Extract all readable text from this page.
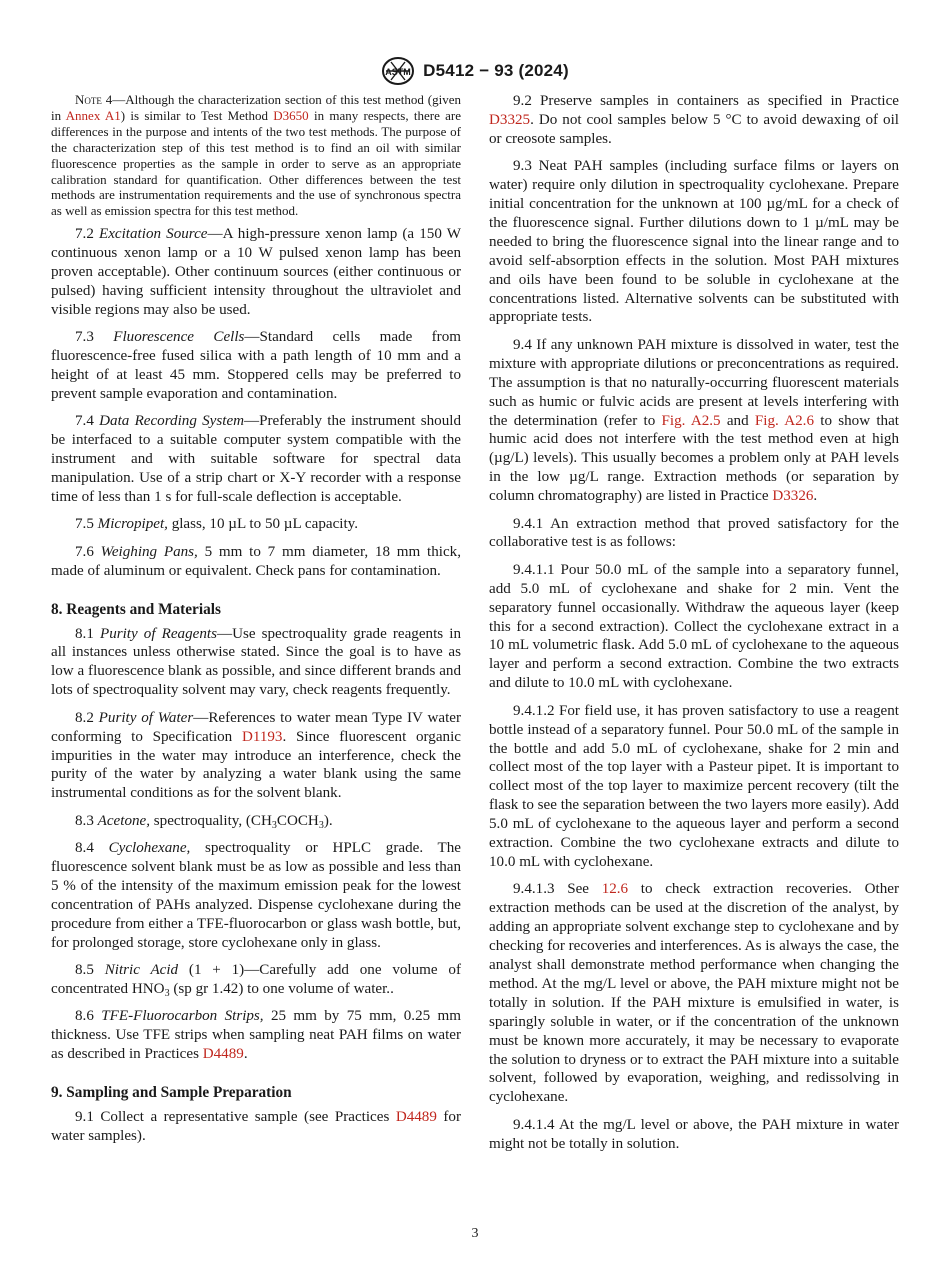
ASTM D5412 − 93 (2024)

Note 4—Although the characterization section of this test method (given in Annex A1) is similar to Test Method D3650 in many respects, there are differences in the purpose and intents of the two test methods. The purpose of the characterization step of this test method is to find an oil with similar fluorescence properties as the sample in order to serve as an appropriate calibration standard for quantification. Other differences between the test methods are instrumentation requirements and the use of synchronous spectra as well as emission spectra for this test method.

7.2 Excitation Source—A high-pressure xenon lamp (a 150 W continuous xenon lamp or a 10 W pulsed xenon lamp has been proven acceptable). Other continuum sources (either continuous or pulsed) having sufficient intensity throughout the ultraviolet and visible regions may also be used.

7.3 Fluorescence Cells—Standard cells made from fluorescence-free fused silica with a path length of 10 mm and a height of at least 45 mm. Stoppered cells may be preferred to prevent sample evaporation and contamination.

7.4 Data Recording System—Preferably the instrument should be interfaced to a suitable computer system compatible with the instrument and with suitable software for spectral data manipulation. Use of a strip chart or X-Y recorder with a response time of less than 1 s for full-scale deflection is acceptable.

7.5 Micropipet, glass, 10 µL to 50 µL capacity.

7.6 Weighing Pans, 5 mm to 7 mm diameter, 18 mm thick, made of aluminum or equivalent. Check pans for contamination.

8. Reagents and Materials

8.1 Purity of Reagents—Use spectroquality grade reagents in all instances unless otherwise stated. Since the goal is to have as low a fluorescence blank as possible, and since different brands and lots of spectroquality solvent may vary, check reagents frequently.

8.2 Purity of Water—References to water mean Type IV water conforming to Specification D1193. Since fluorescent organic impurities in the water may introduce an interference, check the purity of the water by analyzing a water blank using the same instrumental conditions as for the solvent blank.

8.3 Acetone, spectroquality, $(CH_3COCH_3)$.

8.4 Cyclohexane, spectroquality or HPLC grade. The fluorescence solvent blank must be as low as possible and less than 5 % of the intensity of the maximum emission peak for the lowest concentration of PAHs analyzed. Dispense cyclohexane during the procedure from either a TFE-fluorocarbon or glass wash bottle, but, for prolonged storage, store cyclohexane only in glass.

8.5 Nitric Acid (1 + 1)—Carefully add one volume of concentrated $HNO_3$ (sp gr 1.42) to one volume of water..

8.6 TFE-Fluorocarbon Strips, 25 mm by 75 mm, 0.25 mm thickness. Use TFE strips when sampling neat PAH films on water as described in Practices D4489.

9. Sampling and Sample Preparation

9.1 Collect a representative sample (see Practices D4489 for water samples).

9.2 Preserve samples in containers as specified in Practice D3325. Do not cool samples below 5 °C to avoid dewaxing of oil or creosote samples.

9.3 Neat PAH samples (including surface films or layers on water) require only dilution in spectroquality cyclohexane. Prepare initial concentration for the unknown at 100 µg/mL for a check of the fluorescence signal. Further dilutions down to 1 µ/mL may be needed to bring the fluorescence signal into the linear range and to avoid self-absorption effects in the solution. Most PAH mixtures and oils have been found to be soluble in cyclohexane at the concentrations listed. Alternative solvents can be substituted with appropriate tests.

9.4 If any unknown PAH mixture is dissolved in water, test the mixture with appropriate dilutions or preconcentrations as required. The assumption is that no naturally-occurring fluorescent materials such as humic or fulvic acids are present at levels interfering with the determination (refer to Fig. A2.5 and Fig. A2.6 to show that humic acid does not interfere with the test method even at high (µg/L) levels). This usually becomes a problem only at PAH levels in the low µg/L range. Extraction methods (or separation by column chromatography) are listed in Practice D3326.

9.4.1 An extraction method that proved satisfactory for the collaborative test is as follows:

9.4.1.1 Pour 50.0 mL of the sample into a separatory funnel, add 5.0 mL of cyclohexane and shake for 2 min. Vent the separatory funnel occasionally. Withdraw the aqueous layer (keep this for a second extraction). Collect the cyclohexane extract in a 10 mL volumetric flask. Add 5.0 mL of cyclohexane to the aqueous layer and perform a second extraction. Combine the two extracts and dilute to 10.0 mL with cyclohexane.

9.4.1.2 For field use, it has proven satisfactory to use a reagent bottle instead of a separatory funnel. Pour 50.0 mL of the sample in the bottle and add 5.0 mL of cyclohexane, shake for 2 min and collect most of the top layer with a Pasteur pipet. It is important to collect most of the top layer to maximize percent recovery (tilt the flask to see the separation between the two layers more easily). Add 5.0 mL of cyclohexane to the aqueous layer and perform a second extraction. Combine the two cyclohexane extracts and dilute to 10.0 mL with cyclohexane.

9.4.1.3 See 12.6 to check extraction recoveries. Other extraction methods can be used at the discretion of the analyst, by adding an appropriate solvent exchange step to cyclohexane and by checking for recoveries and interferences. As is always the case, the analyst shall demonstrate method performance when changing the method. At the mg/L level or above, the PAH mixture might not be totally in solution. If the PAH mixture is emulsified in water, is sparingly soluble in water, or if the concentration of the unknown must be known more accurately, it may be necessary to evaporate the solution to dryness or to extract the PAH mixture into a suitable solvent, followed by evaporation, weighing, and redissolving in cyclohexane.

9.4.1.4 At the mg/L level or above, the PAH mixture in water might not be totally in solution.

3
